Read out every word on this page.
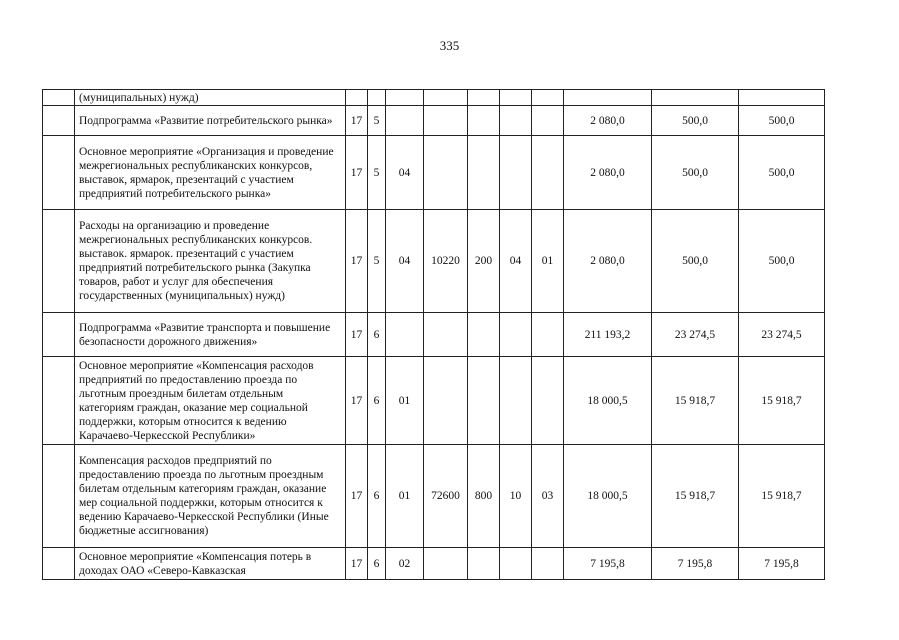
335
	(муниципальных) нужд)										
	Подпрограмма «Развитие потребительского рынка»	17	5						2 080,0	500,0	500,0
	Основное мероприятие «Организация и проведение межрегиональных республиканских конкурсов, выставок, ярмарок, презентаций с участием предприятий потребительского рынка»	17	5	04					2 080,0	500,0	500,0
	Расходы на организацию и проведение межрегиональных республиканских конкурсов. выставок. ярмарок. презентаций с участием предприятий потребительского рынка (Закупка товаров, работ и услуг для обеспечения государственных (муниципальных) нужд)	17	5	04	10220	200	04	01	2 080,0	500,0	500,0
	Подпрограмма «Развитие транспорта и повышение безопасности дорожного движения»	17	6						211 193,2	23 274,5	23 274,5
	Основное мероприятие «Компенсация расходов предприятий по предоставлению проезда по льготным проездным билетам отдельным категориям граждан, оказание мер социальной поддержки, которым относится к ведению Карачаево-Черкесской Республики»	17	6	01					18 000,5	15 918,7	15 918,7
	Компенсация расходов предприятий по предоставлению проезда по льготным проездным билетам отдельным категориям граждан, оказание мер социальной поддержки, которым относится к ведению Карачаево-Черкесской Республики (Иные бюджетные ассигнования)	17	6	01	72600	800	10	03	18 000,5	15 918,7	15 918,7
	Основное мероприятие «Компенсация потерь в доходах ОАО «Северо-Кавказская	17	6	02					7 195,8	7 195,8	7 195,8
